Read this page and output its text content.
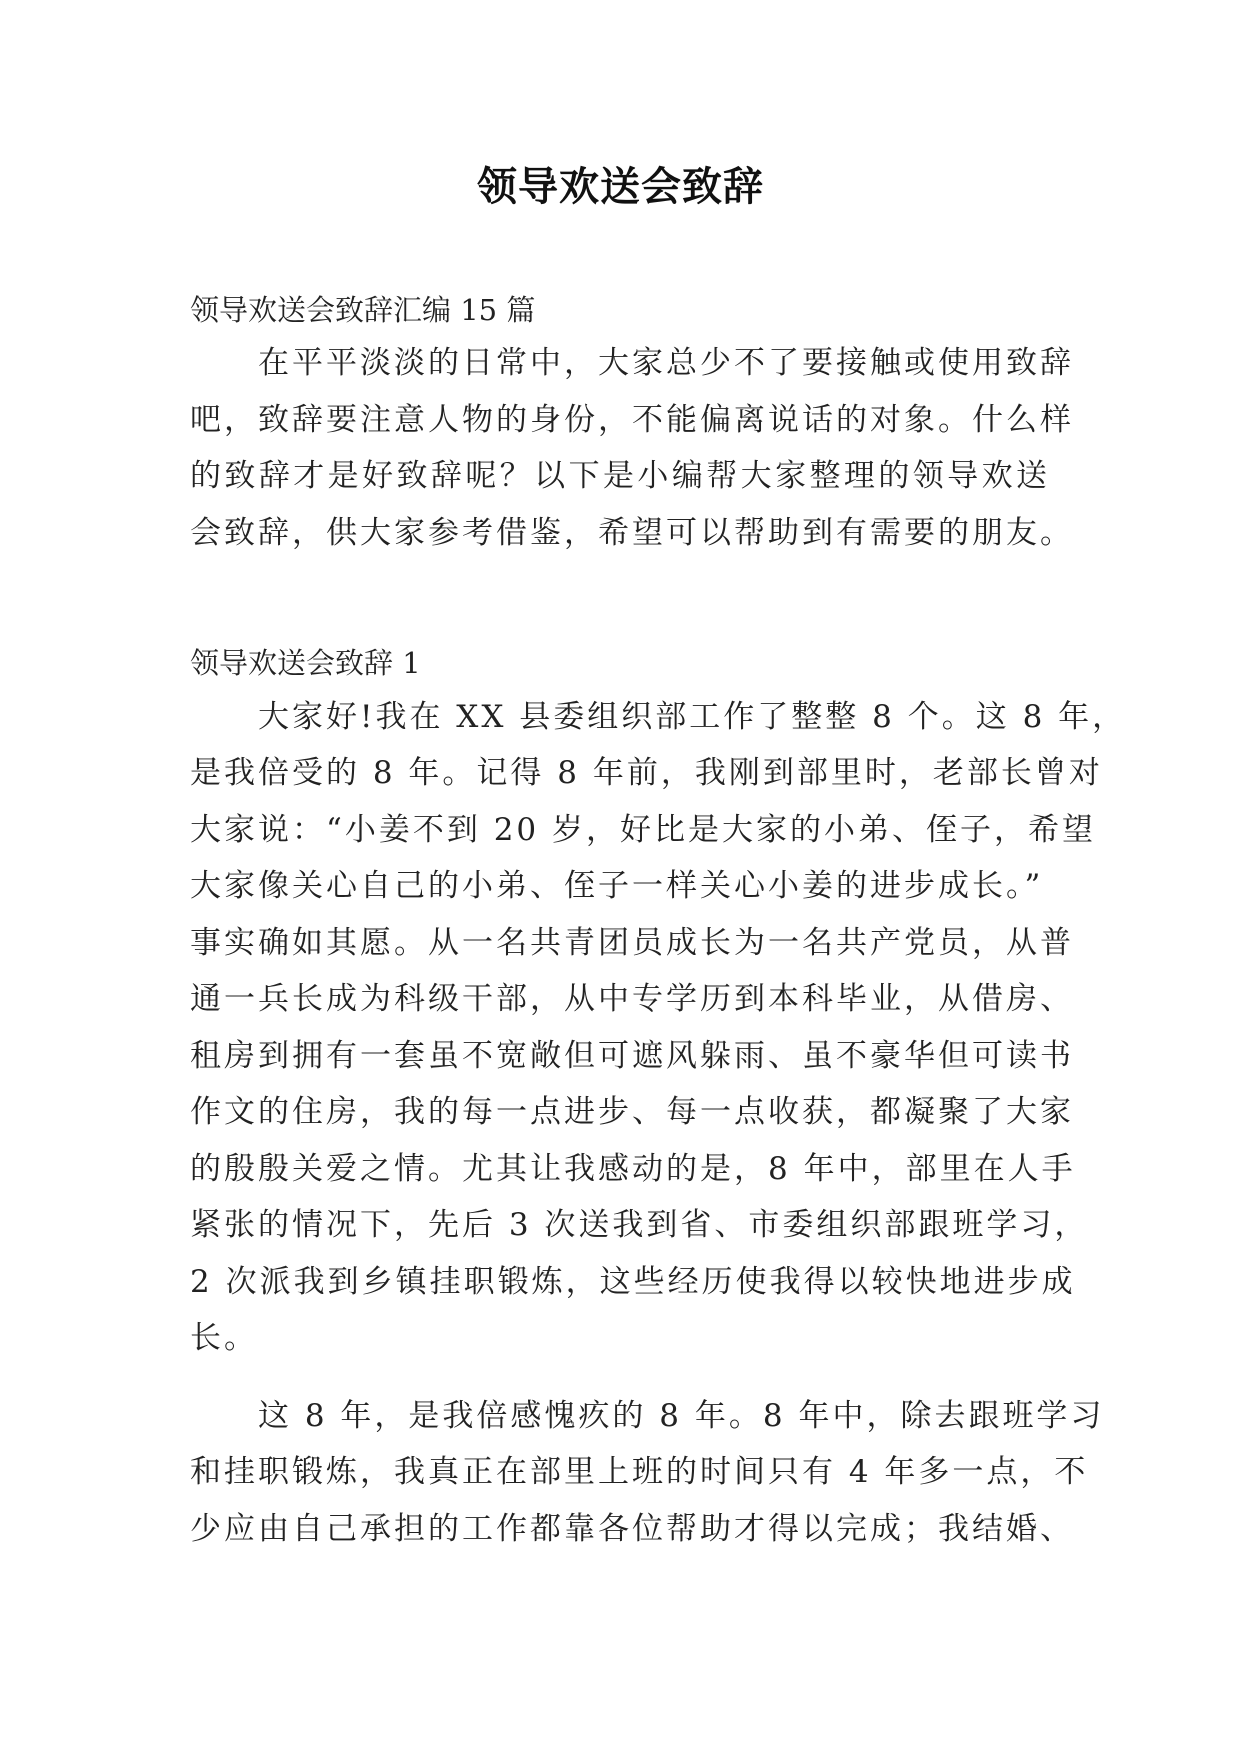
领导欢送会致辞
领导欢送会致辞汇编 15 篇
在平平淡淡的日常中，大家总少不了要接触或使用致辞
吧，致辞要注意人物的身份，不能偏离说话的对象。什么样
的致辞才是好致辞呢？以下是小编帮大家整理的领导欢送
会致辞，供大家参考借鉴，希望可以帮助到有需要的朋友。
领导欢送会致辞 1
大家好!我在 XX 县委组织部工作了整整 8 个。这 8 年，
是我倍受的 8 年。记得 8 年前，我刚到部里时，老部长曾对
大家说：“小姜不到 20 岁，好比是大家的小弟、侄子，希望
大家像关心自己的小弟、侄子一样关心小姜的进步成长。”
事实确如其愿。从一名共青团员成长为一名共产党员，从普
通一兵长成为科级干部，从中专学历到本科毕业，从借房、
租房到拥有一套虽不宽敞但可遮风躲雨、虽不豪华但可读书
作文的住房，我的每一点进步、每一点收获，都凝聚了大家
的殷殷关爱之情。尤其让我感动的是，8 年中，部里在人手
紧张的情况下，先后 3 次送我到省、市委组织部跟班学习，
2 次派我到乡镇挂职锻炼，这些经历使我得以较快地进步成
长。
这 8 年，是我倍感愧疚的 8 年。8 年中，除去跟班学习
和挂职锻炼，我真正在部里上班的时间只有 4 年多一点，不
少应由自己承担的工作都靠各位帮助才得以完成；我结婚、
